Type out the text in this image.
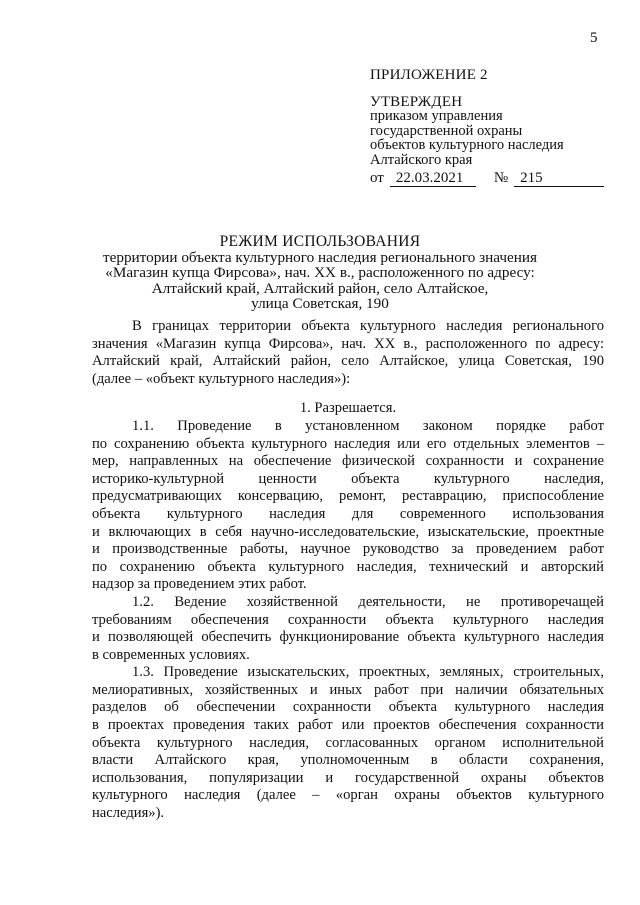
5
ПРИЛОЖЕНИЕ 2
УТВЕРЖДЕН
приказом управления
государственной охраны
объектов культурного наследия
Алтайского края
от 22.03.2021 № 215
РЕЖИМ ИСПОЛЬЗОВАНИЯ
территории объекта культурного наследия регионального значения
«Магазин купца Фирсова», нач. XX в., расположенного по адресу:
Алтайский край, Алтайский район, село Алтайское,
улица Советская, 190

В границах территории объекта культурного наследия регионального
значения «Магазин купца Фирсова», нач. XX в., расположенного по адресу:
Алтайский край, Алтайский район, село Алтайское, улица Советская, 190
(далее – «объект культурного наследия»):

1. Разрешается.

1.1. Проведение в установленном законом порядке работ
по сохранению объекта культурного наследия или его отдельных элементов –
мер, направленных на обеспечение физической сохранности и сохранение
историко-культурной ценности объекта культурного наследия,
предусматривающих консервацию, ремонт, реставрацию, приспособление
объекта культурного наследия для современного использования
и включающих в себя научно-исследовательские, изыскательские, проектные
и производственные работы, научное руководство за проведением работ
по сохранению объекта культурного наследия, технический и авторский
надзор за проведением этих работ.

1.2. Ведение хозяйственной деятельности, не противоречащей
требованиям обеспечения сохранности объекта культурного наследия
и позволяющей обеспечить функционирование объекта культурного наследия
в современных условиях.

1.3. Проведение изыскательских, проектных, земляных, строительных,
мелиоративных, хозяйственных и иных работ при наличии обязательных
разделов об обеспечении сохранности объекта культурного наследия
в проектах проведения таких работ или проектов обеспечения сохранности
объекта культурного наследия, согласованных органом исполнительной
власти Алтайского края, уполномоченным в области сохранения,
использования, популяризации и государственной охраны объектов
культурного наследия (далее – «орган охраны объектов культурного
наследия»).
